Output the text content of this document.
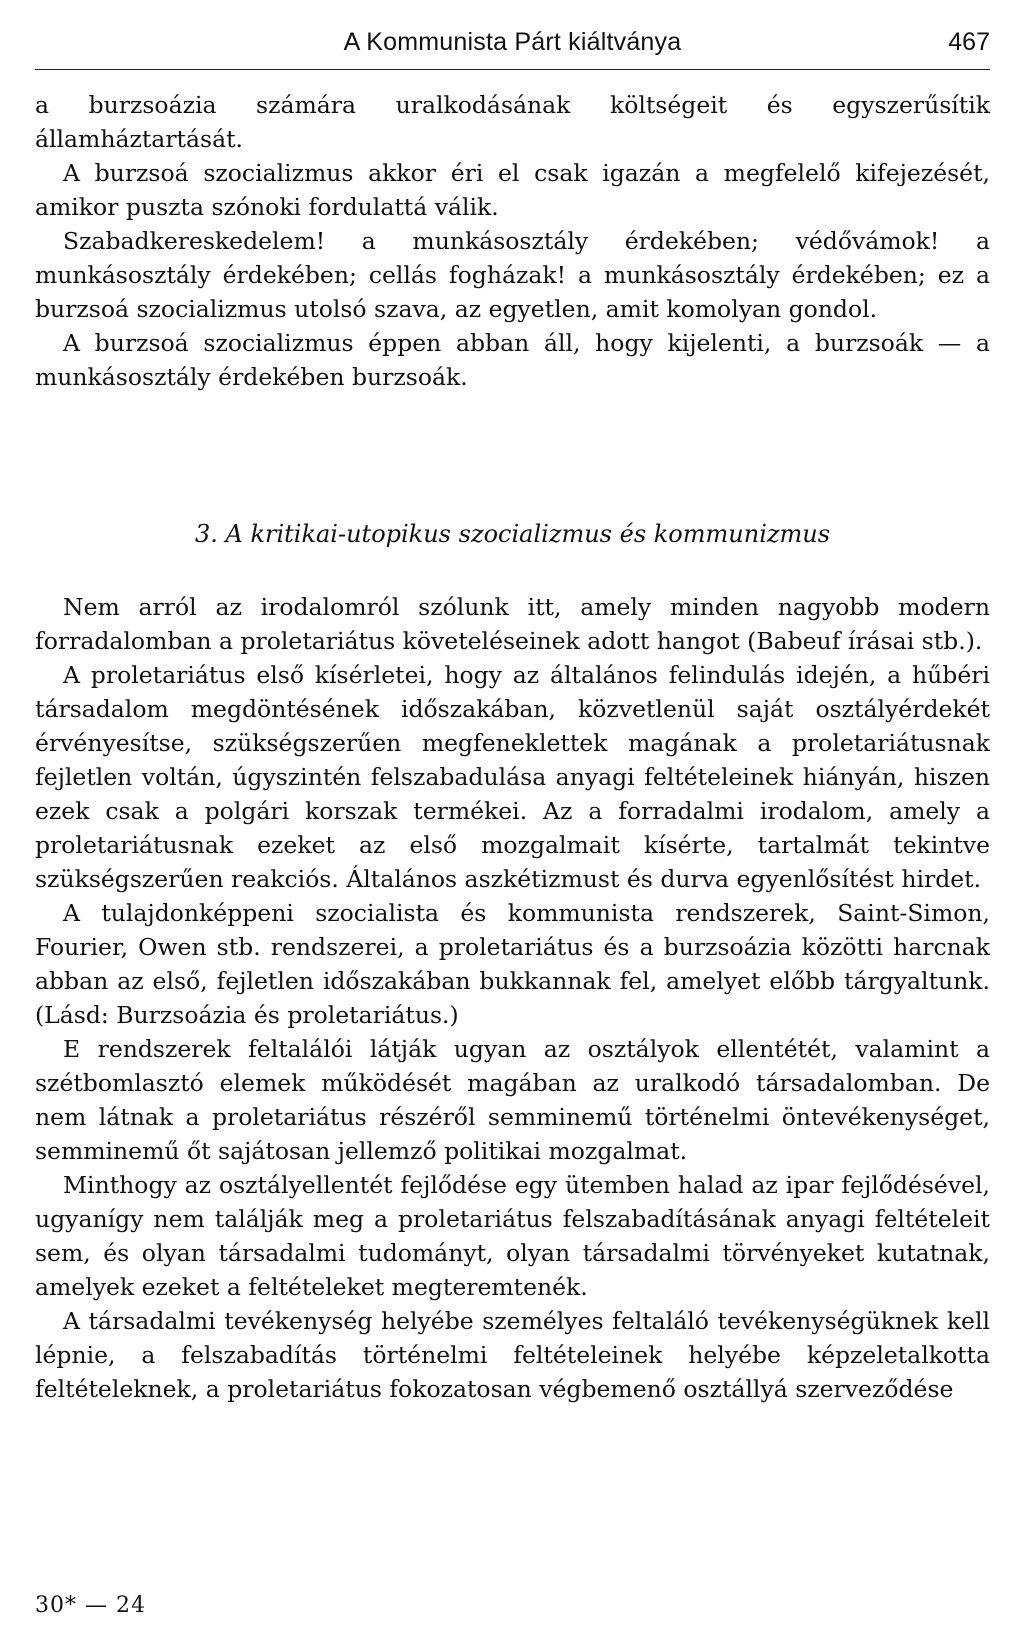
A Kommunista Párt kiáltványa	467

a burzsoázia számára uralkodásának költségeit és egyszerűsítik államháztartását.

A burzsoá szocializmus akkor éri el csak igazán a megfelelő kifejezését, amikor puszta szónoki fordulattá válik.

Szabadkereskedelem! a munkásosztály érdekében; védővámok! a munkásosztály érdekében; cellás fogházak! a munkásosztály érdekében; ez a burzsoá szocializmus utolsó szava, az egyetlen, amit komolyan gondol.

A burzsoá szocializmus éppen abban áll, hogy kijelenti, a burzsoák — a munkásosztály érdekében burzsoák.

3. A kritikai-utopikus szocializmus és kommunizmus

Nem arról az irodalomról szólunk itt, amely minden nagyobb modern forradalomban a proletariátus követeléseinek adott hangot (Babeuf írásai stb.).

A proletariátus első kísérletei, hogy az általános felindulás idején, a hűbéri társadalom megdöntésének időszakában, közvetlenül saját osztályérdekét érvényesítse, szükségszerűen megfeneklettek magának a proletariátusnak fejletlen voltán, úgyszintén felszabadulása anyagi feltételeinek hiányán, hiszen ezek csak a polgári korszak termékei. Az a forradalmi irodalom, amely a proletariátusnak ezeket az első mozgalmait kísérte, tartalmát tekintve szükségszerűen reakciós. Általános aszkétizmust és durva egyenlősítést hirdet.

A tulajdonképpeni szocialista és kommunista rendszerek, Saint-Simon, Fourier, Owen stb. rendszerei, a proletariátus és a burzsoázia közötti harcnak abban az első, fejletlen időszakában bukkannak fel, amelyet előbb tárgyaltunk. (Lásd: Burzsoázia és proletariátus.)

E rendszerek feltalálói látják ugyan az osztályok ellentétét, valamint a szétbomlasztó elemek működését magában az uralkodó társadalomban. De nem látnak a proletariátus részéről semminemű történelmi öntevékenységet, semminemű őt sajátosan jellemző politikai mozgalmat.

Minthogy az osztályellentét fejlődése egy ütemben halad az ipar fejlődésével, ugyanígy nem találják meg a proletariátus felszabadításának anyagi feltételeit sem, és olyan társadalmi tudományt, olyan társadalmi törvényeket kutatnak, amelyek ezeket a feltételeket megteremtenék.

A társadalmi tevékenység helyébe személyes feltaláló tevékenységüknek kell lépnie, a felszabadítás történelmi feltételeinek helyébe képzeletalkotta feltételeknek, a proletariátus fokozatosan végbemenő osztállyá szerveződése

30* — 24
